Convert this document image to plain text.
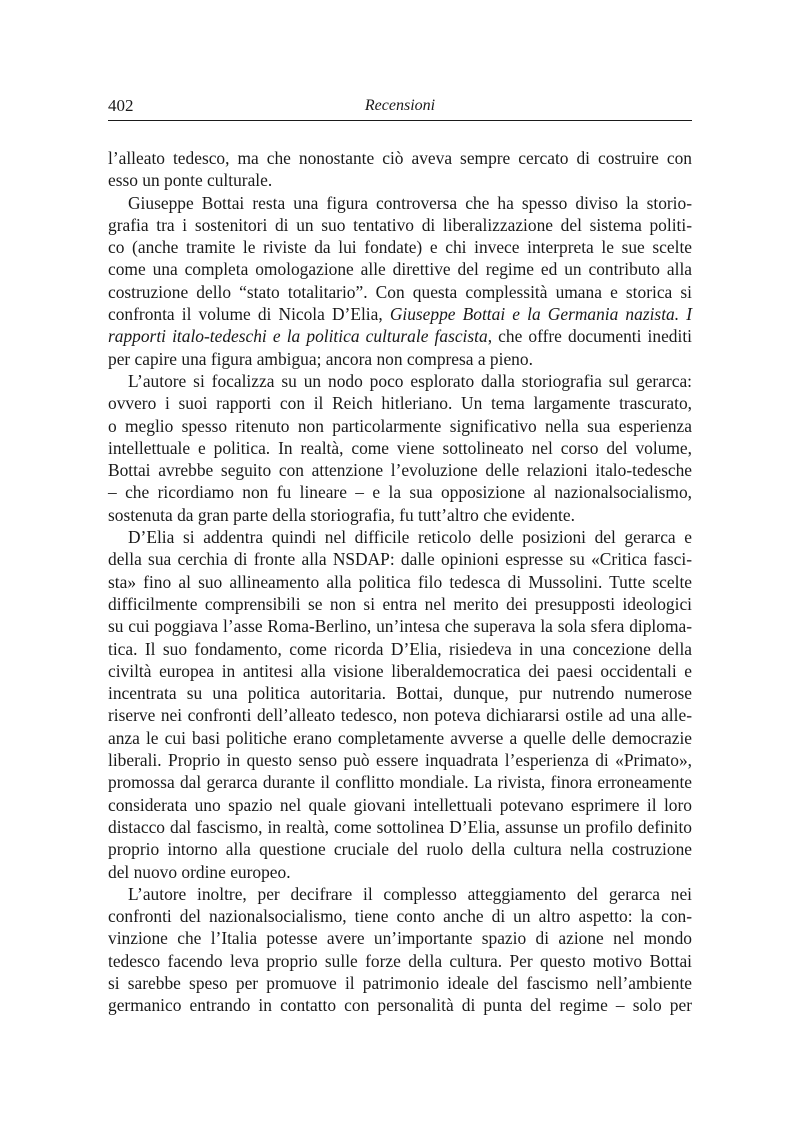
402	Recensioni
l’alleato tedesco, ma che nonostante ciò aveva sempre cercato di costruire con
esso un ponte culturale.
Giuseppe Bottai resta una figura controversa che ha spesso diviso la storio-
grafia tra i sostenitori di un suo tentativo di liberalizzazione del sistema politi-
co (anche tramite le riviste da lui fondate) e chi invece interpreta le sue scelte
come una completa omologazione alle direttive del regime ed un contributo alla
costruzione dello “stato totalitario”. Con questa complessità umana e storica si
confronta il volume di Nicola D’Elia, Giuseppe Bottai e la Germania nazista. I
rapporti italo-tedeschi e la politica culturale fascista, che offre documenti inediti
per capire una figura ambigua; ancora non compresa a pieno.
L’autore si focalizza su un nodo poco esplorato dalla storiografia sul gerarca:
ovvero i suoi rapporti con il Reich hitleriano. Un tema largamente trascurato,
o meglio spesso ritenuto non particolarmente significativo nella sua esperienza
intellettuale e politica. In realtà, come viene sottolineato nel corso del volume,
Bottai avrebbe seguito con attenzione l’evoluzione delle relazioni italo-tedesche
– che ricordiamo non fu lineare – e la sua opposizione al nazionalsocialismo,
sostenuta da gran parte della storiografia, fu tutt’altro che evidente.
D’Elia si addentra quindi nel difficile reticolo delle posizioni del gerarca e
della sua cerchia di fronte alla NSDAP: dalle opinioni espresse su «Critica fasci-
sta» fino al suo allineamento alla politica filo tedesca di Mussolini. Tutte scelte
difficilmente comprensibili se non si entra nel merito dei presupposti ideologici
su cui poggiava l’asse Roma-Berlino, un’intesa che superava la sola sfera diploma-
tica. Il suo fondamento, come ricorda D’Elia, risiedeva in una concezione della
civiltà europea in antitesi alla visione liberaldemocratica dei paesi occidentali e
incentrata su una politica autoritaria. Bottai, dunque, pur nutrendo numerose
riserve nei confronti dell’alleato tedesco, non poteva dichiararsi ostile ad una alle-
anza le cui basi politiche erano completamente avverse a quelle delle democrazie
liberali. Proprio in questo senso può essere inquadrata l’esperienza di «Primato»,
promossa dal gerarca durante il conflitto mondiale. La rivista, finora erroneamente
considerata uno spazio nel quale giovani intellettuali potevano esprimere il loro
distacco dal fascismo, in realtà, come sottolinea D’Elia, assunse un profilo definito
proprio intorno alla questione cruciale del ruolo della cultura nella costruzione
del nuovo ordine europeo.
L’autore inoltre, per decifrare il complesso atteggiamento del gerarca nei
confronti del nazionalsocialismo, tiene conto anche di un altro aspetto: la con-
vinzione che l’Italia potesse avere un’importante spazio di azione nel mondo
tedesco facendo leva proprio sulle forze della cultura. Per questo motivo Bottai
si sarebbe speso per promuove il patrimonio ideale del fascismo nell’ambiente
germanico entrando in contatto con personalità di punta del regime – solo per
